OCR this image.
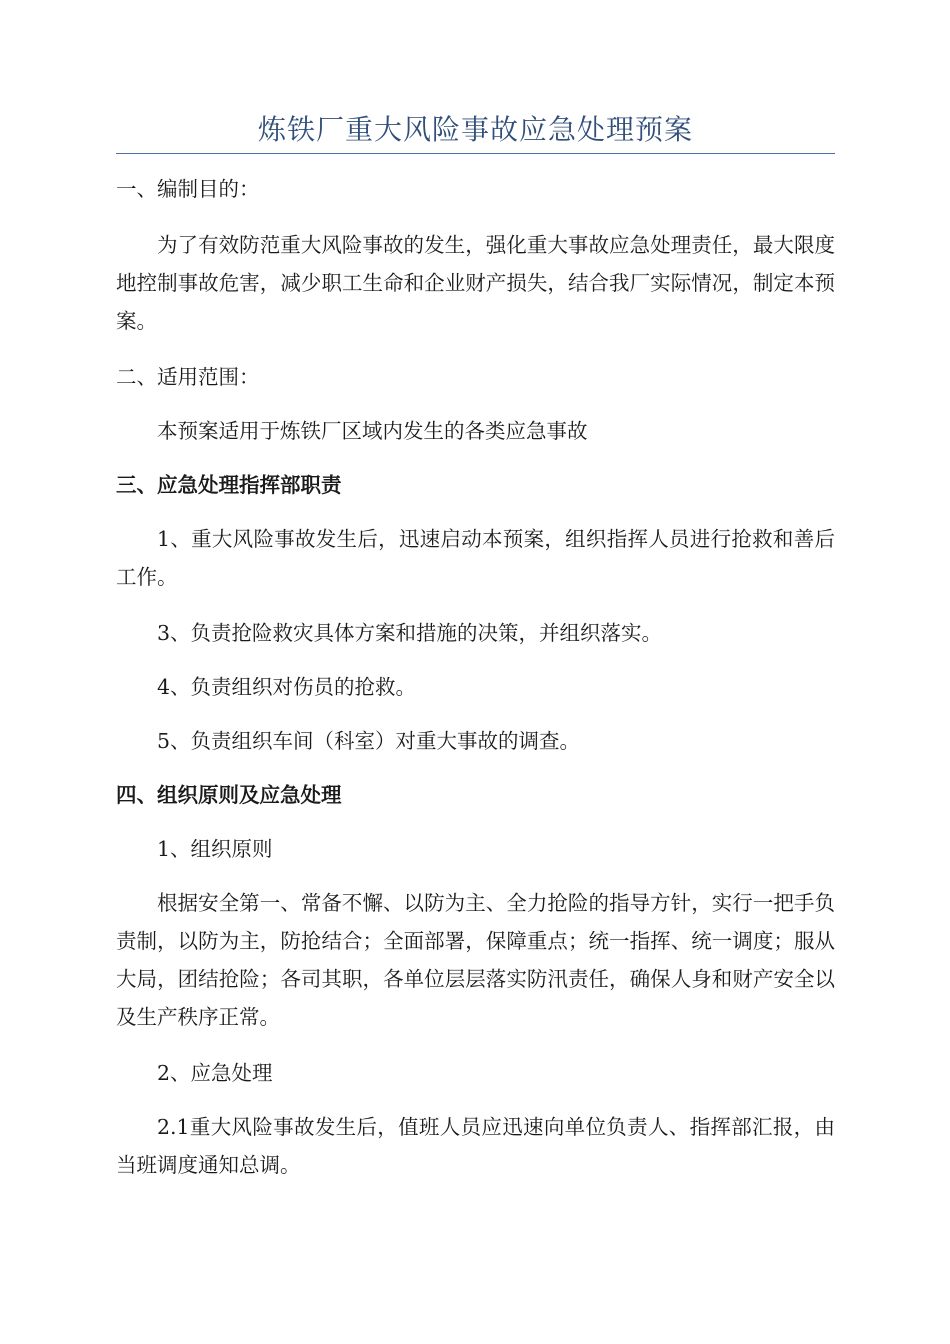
炼铁厂重大风险事故应急处理预案

一、编制目的：

为了有效防范重大风险事故的发生，强化重大事故应急处理责任，最大限度地控制事故危害，减少职工生命和企业财产损失，结合我厂实际情况，制定本预案。

二、适用范围：

本预案适用于炼铁厂区域内发生的各类应急事故

三、应急处理指挥部职责

1、重大风险事故发生后，迅速启动本预案，组织指挥人员进行抢救和善后工作。

3、负责抢险救灾具体方案和措施的决策，并组织落实。

4、负责组织对伤员的抢救。

5、负责组织车间（科室）对重大事故的调查。

四、组织原则及应急处理

1、组织原则

根据安全第一、常备不懈、以防为主、全力抢险的指导方针，实行一把手负责制，以防为主，防抢结合；全面部署，保障重点；统一指挥、统一调度；服从大局，团结抢险；各司其职，各单位层层落实防汛责任，确保人身和财产安全以及生产秩序正常。

2、应急处理

2.1重大风险事故发生后，值班人员应迅速向单位负责人、指挥部汇报，由当班调度通知总调。
